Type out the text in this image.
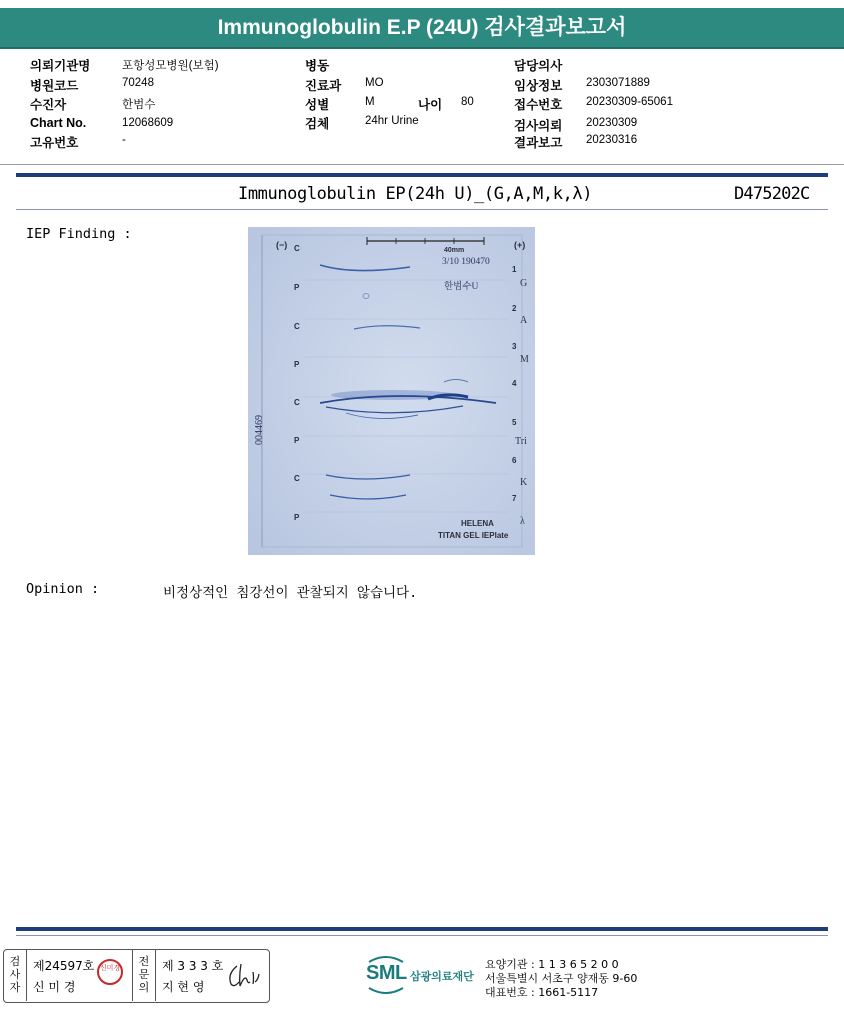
Immunoglobulin E.P (24U) 검사결과보고서
의뢰기관명	포항성모병원(보험)
병원코드	70248
수진자	한범수
Chart No.	12068609
고유번호	-
병동
진료과 MO
성별	M	나이 80
검체	24hr Urine
담당의사
임상정보 2303071889
접수번호 20230309-65061
검사의뢰 20230309
결과보고 20230316
Immunoglobulin EP(24h U)_(G,A,M,k,λ)	D475202C
IEP Finding :
(−)	(+)
40mm
3/10 190470
한범수U
004469
C
P
C
P
C
P
C
P
1
2
3
4
5
6
7
G
A
M
Tri
K
λ
HELENA
TITAN GEL IEPlate
Opinion :	비정상적인 침강선이 관찰되지 않습니다.
검
사
자
제24597호
신 미 경
신미경 전
문
의
제 3 3 3 호
지 현 영
SML 삼광의료재단
요양기관 : 1 1 3 6 5 2 0 0
서울특별시 서초구 양재동 9-60
대표번호 : 1661-5117
